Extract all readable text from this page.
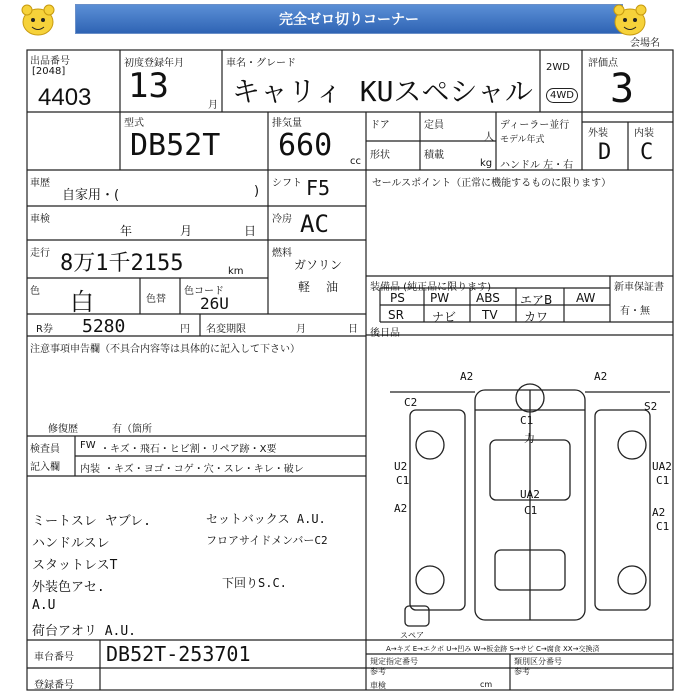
完全ゼロ切りコーナー
会場名
出品番号
[2048]
4403
初度登録年月
13	月
車名・グレード
キャリィ KUスペシャル
2WD
4WD
評価点
3
型式
DB52T
排気量
660 cc
ドア	定員
人
形状	積載
kg
ディーラー並行
モデル年式
ハンドル 左・右
外装	内装
D C
車歴
自家用・(	)
シフト F5	セールスポイント（正常に機能するものに限ります）
車検
年	月	日
冷房 AC
走行 8万1千2155	km
燃料
ガソリン
軽 油
色 白	色替
色コード
26U
R券 5280	円 名変期限	月	日
注意事項申告欄（不具合内容等は具体的に記入して下さい）
修復歴	有（箇所
装備品 (純正品に限ります)	新車保証書
有・無
PS PW ABS エアB AW
SR ナビ TV カワ
後日品
検査員
記入欄
FW ・キズ・飛石・ヒビ割・リペア跡・X要
内装 ・キズ・ヨゴ・コゲ・穴・スレ・キレ・破レ
ミートスレ ヤブレ.
ハンドルスレ
スタットレスT
外装色アセ.
A.U
荷台アオリ A.U.
セットバックス A.U.
フロアサイドメンバーC2
下回りS.C.
A2	A2
C2	S2
C1
力
U2
C1
UA2
C1
UA2
C1
A2	A2
C1
スペア
車台番号 DB52T-253701
登録番号
A→キズ E→エクボ U→凹み W→板金跡 S→サビ C→腐食 XX→交換済
規定指定番号
参考
類別区分番号
車検
参考
cm
